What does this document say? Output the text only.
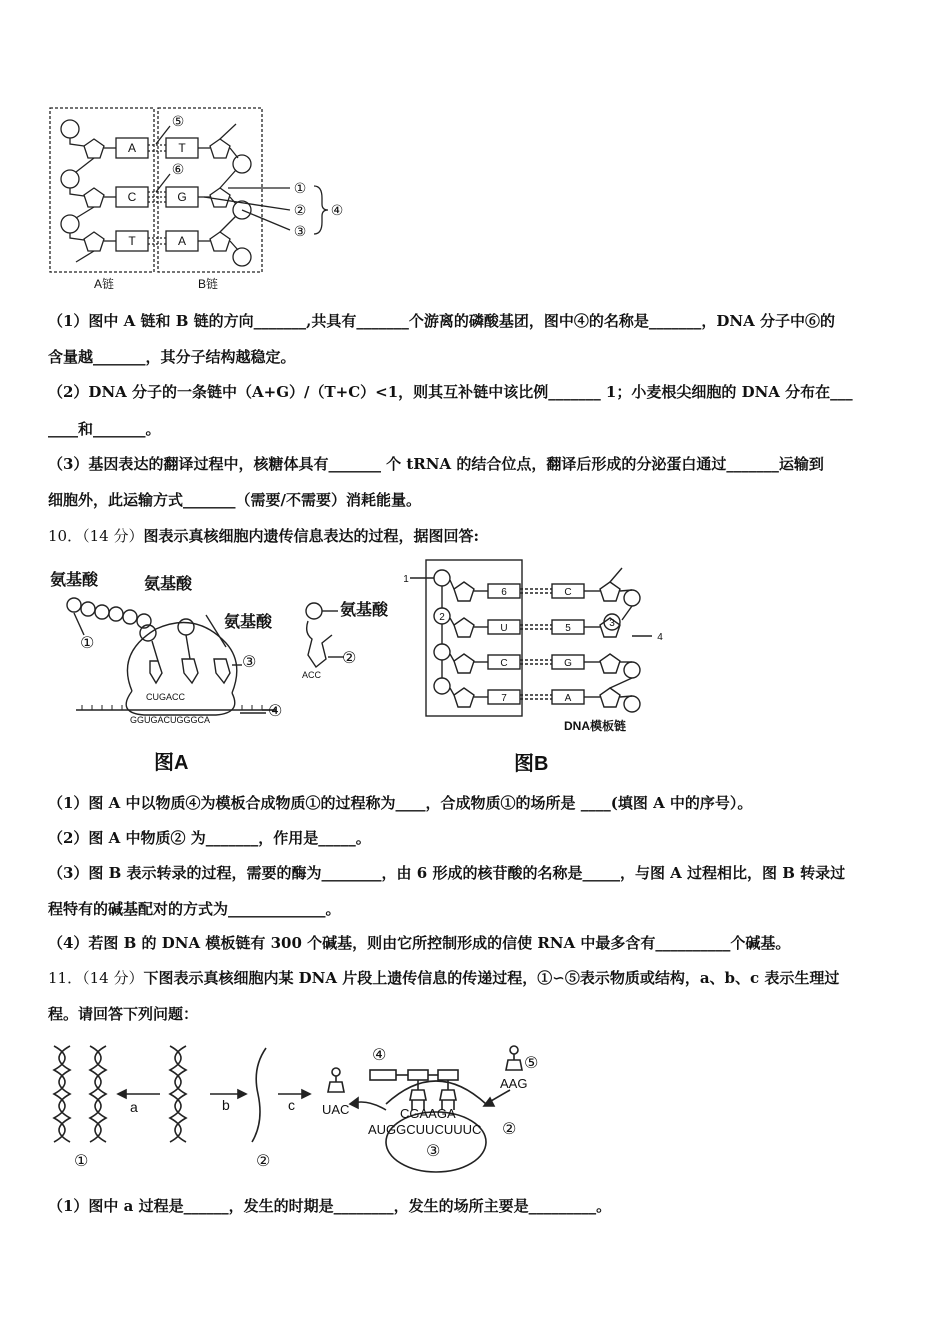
A	T
C	G
T	A
⑤
⑥
①
②
③
④
A链	B链
（1）图中 A 链和 B 链的方向_______,共具有_______个游离的磷酸基团，图中④的名称是_______，DNA 分子中⑥的
含量越_______，其分子结构越稳定。
（2）DNA 分子的一条链中（A+G）/（T+C）<1，则其互补链中该比例_______ 1；小麦根尖细胞的 DNA 分布在___
____和_______。
（3）基因表达的翻译过程中，核糖体具有_______ 个 tRNA 的结合位点，翻译后形成的分泌蛋白通过_______运输到
细胞外，此运输方式_______（需要/不需要）消耗能量。
10．（14 分）图表示真核细胞内遗传信息表达的过程，据图回答:
氨基酸	氨基酸
氨基酸
氨基酸
①
②
③
④
CUGACC
GGUGACUGGGCA
ACC
图A
1
2
3
4
6
U
C
7
C
5
G
A
DNA模板链
图B
（1）图 A 中以物质④为模板合成物质①的过程称为____，合成物质①的场所是 ____(填图 A 中的序号）。
（2）图 A 中物质② 为_______，作用是_____。
（3）图 B 表示转录的过程，需要的酶为________，由 6 形成的核苷酸的名称是_____，与图 A 过程相比，图 B 转录过
程特有的碱基配对的方式为_____________。
（4）若图 B 的 DNA 模板链有 300 个碱基，则由它所控制形成的信使 RNA 中最多含有__________个碱基。
11．（14 分）下图表示真核细胞内某 DNA 片段上遗传信息的传递过程，①∽⑤表示物质或结构，a、b、c 表示生理过
程。请回答下列问题：
a	b	c
①	②
④	⑤
③
②
UAC	CGAAGA
AAG
AUGGCUUCUUUC
（1）图中 a 过程是______，发生的时期是________，发生的场所主要是_________。
